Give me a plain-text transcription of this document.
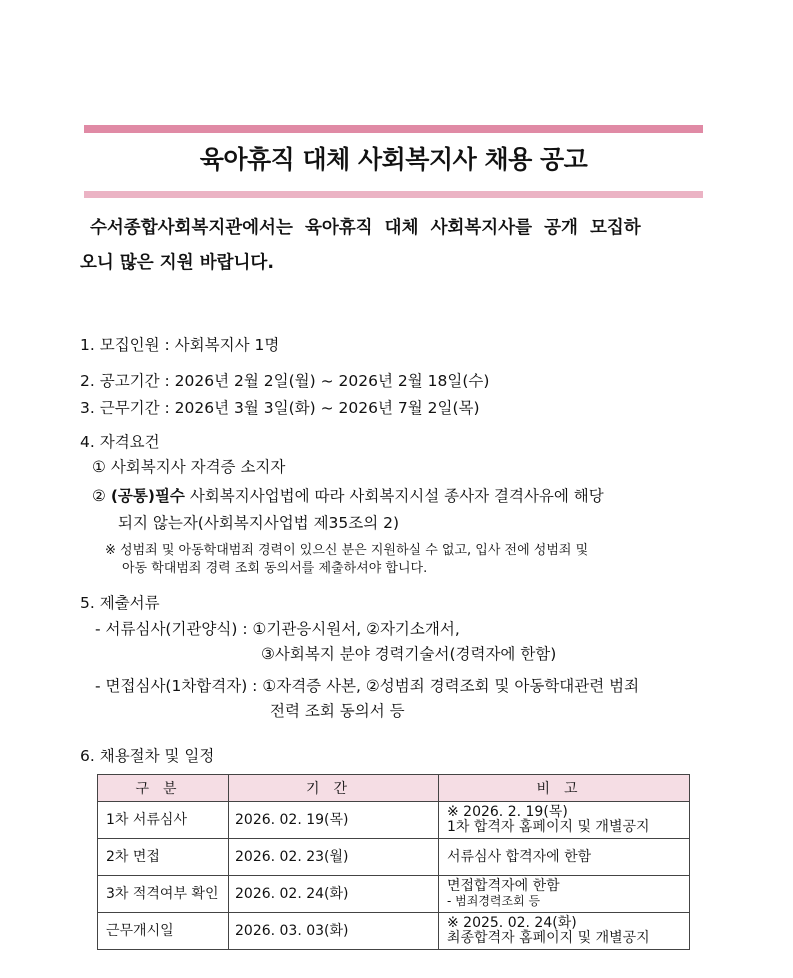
육아휴직 대체 사회복지사 채용 공고
수서종합사회복지관에서는 육아휴직 대체 사회복지사를 공개 모집하
오니 많은 지원 바랍니다.
1. 모집인원 : 사회복지사 1명
2. 공고기간 : 2026년 2월 2일(월) ~ 2026년 2월 18일(수)
3. 근무기간 : 2026년 3월 3일(화) ~ 2026년 7월 2일(목)
4. 자격요건
① 사회복지사 자격증 소지자
② (공통)필수 사회복지사업법에 따라 사회복지시설 종사자 결격사유에 해당
되지 않는자(사회복지사업법 제35조의 2)
※ 성범죄 및 아동학대범죄 경력이 있으신 분은 지원하실 수 없고, 입사 전에 성범죄 및
아동 학대범죄 경력 조회 동의서를 제출하셔야 합니다.
5. 제출서류
- 서류심사(기관양식) : ①기관응시원서, ②자기소개서,
③사회복지 분야 경력기술서(경력자에 한함)
- 면접심사(1차합격자) : ①자격증 사본, ②성범죄 경력조회 및 아동학대관련 범죄
전력 조회 동의서 등
6. 채용절차 및 일정
구분	기간	비고
1차 서류심사	2026. 02. 19(목)	※ 2026. 2. 19(목)
1차 합격자 홈페이지 및 개별공지

2차 면접	2026. 02. 23(월)	서류심사 합격자에 한함

3차 적격여부 확인	2026. 02. 24(화)	면접합격자에 한함
- 범죄경력조회 등

근무개시일	2026. 03. 03(화)	※ 2025. 02. 24(화)
최종합격자 홈페이지 및 개별공지
